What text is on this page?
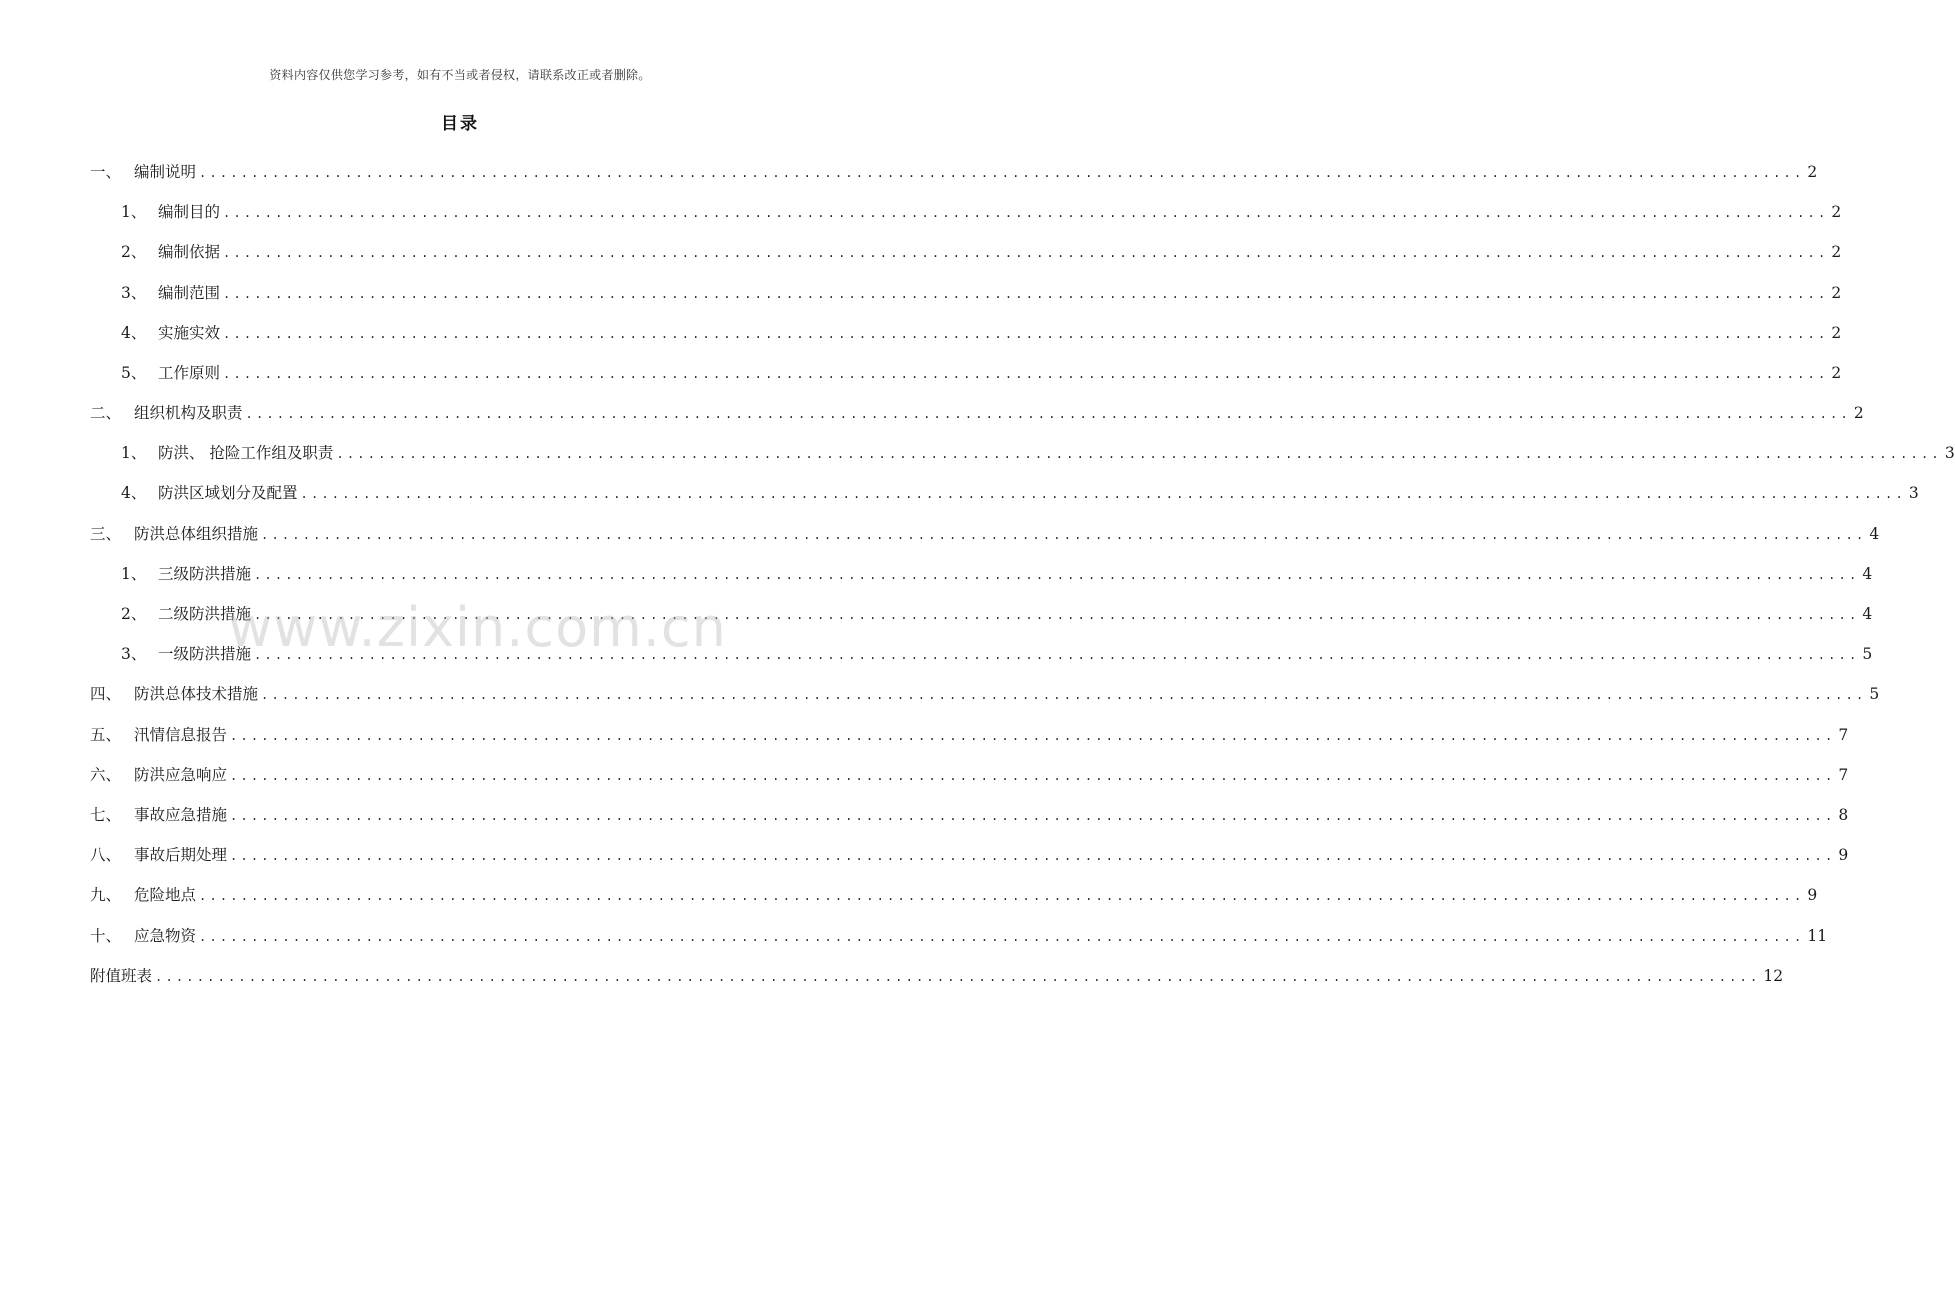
资料内容仅供您学习参考，如有不当或者侵权，请联系改正或者删除。
目录
一、 编制说明 .......................................................................................................................................................... 2
1、 编制目的 .......................................................................................................................................................... 2
2、 编制依据 .......................................................................................................................................................... 2
3、 编制范围 .......................................................................................................................................................... 2
4、 实施实效 .......................................................................................................................................................... 2
5、 工作原则 .......................................................................................................................................................... 2
二、 组织机构及职责 .......................................................................................................................................................... 2
1、 防洪、 抢险工作组及职责 .......................................................................................................................................................... 3
4、 防洪区域划分及配置 .......................................................................................................................................................... 3
三、 防洪总体组织措施 .......................................................................................................................................................... 4
1、 三级防洪措施 .......................................................................................................................................................... 4
2、 二级防洪措施 .......................................................................................................................................................... 4
3、 一级防洪措施 .......................................................................................................................................................... 5
四、 防洪总体技术措施 .......................................................................................................................................................... 5
五、 汛情信息报告 .......................................................................................................................................................... 7
六、 防洪应急响应 .......................................................................................................................................................... 7
七、 事故应急措施 .......................................................................................................................................................... 8
八、 事故后期处理 .......................................................................................................................................................... 9
九、 危险地点 .......................................................................................................................................................... 9
十、 应急物资 .......................................................................................................................................................... 11
附值班表 .......................................................................................................................................................... 12
www.zixin.com.cn
